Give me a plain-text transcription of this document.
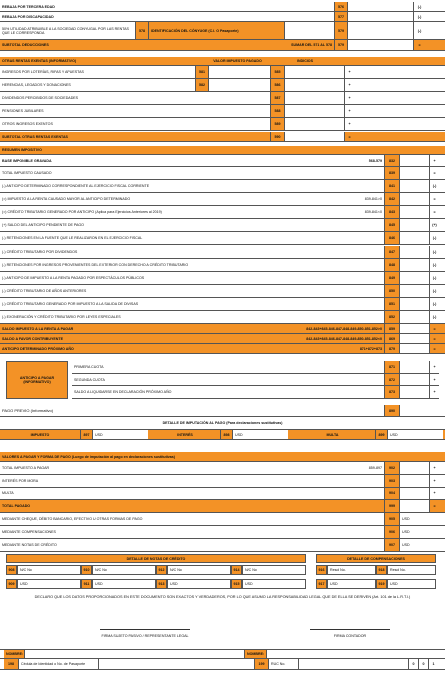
REBAJA POR TERCERA EDAD	576	(-)
REBAJA POR DISCAPACIDAD	577	(-)
50% UTILIDAD ATRIBUIBLE A LA SOCIEDAD CONYUGAL POR LAS RENTAS QUE LE CORRESPONDA	578	IDENTIFICACIÓN DEL CÓNYUGE (C.I. O Pasaporte)	579	(-)
SUBTOTAL DEDUCCIONES	SUMAR DEL 571 AL 578	579	=
OTRAS RENTAS EXENTAS (INFORMATIVO)	VALOR IMPUESTO PAGADO	INDICIOS
SUBTOTAL OTRAS RENTAS EXENTAS	590	=
RESUMEN IMPOSITIVO
BASE IMPONIBLE GRAVADA	568-579	832	+
SALDO IMPUESTO A LA RENTA A PAGAR	842-843+845-846-847-848-849-850-851-852>0	859	=
SALDO A FAVOR CONTRIBUYENTE	842-843+845-846-847-848-849-850-851-852<0	869	=
ANTICIPO DETERMINADO PRÓXIMO AÑO	871+872+873	879	=
ANTICIPO A PAGAR (INFORMATIVO)
PAGO PREVIO (Informativo)	890
DETALLE DE IMPUTACIÓN AL PAGO (Para declaraciones sustitutivas)
IMPUESTO	897	USD	INTERÉS	898	USD	MULTA	899	USD
VALORES A PAGAR Y FORMA DE PAGO (Luego de imputación al pago en declaraciones sustitutivas)
DETALLE DE NOTAS DE CRÉDITO	DETALLE DE COMPENSACIONES
908	N/C No	910	N/C No	912	N/C No	914	N/C No	916	Resol No.	918	Resol No.
909	USD	911	USD	913	USD	915	USD	917	USD	919	USD
DECLARO QUE LOS DATOS PROPORCIONADOS EN ESTE DOCUMENTO SON EXACTOS Y VERDADEROS, POR LO QUE ASUMO LA RESPONSABILIDAD LEGAL QUE DE ELLA SE DERIVEN (Art. 101 de la L.R.T.I.)
FIRMA SUJETO PASIVO / REPRESENTANTE LEGAL	FIRMA CONTADOR
NOMBRE:	NOMBRE:
198	Cédula de Identidad o No. de Pasaporte	199	RUC No.	0	0	1
INGRESOS POR LOTERÍAS, RIFAS Y APUESTAS	581	585	+
HERENCIAS, LEGADOS Y DONACIONES	582	586	+
DIVIDENDOS PERCIBIDOS DE SOCIEDADES	587	+
PENSIONES JUBILARES	588	+
OTROS INGRESOS EXENTOS	589	+
TOTAL IMPUESTO CAUSADO	839	=
(-) ANTICIPO DETERMINADO CORRESPONDIENTE AL EJERCICIO FISCAL CORRIENTE	841	(-)
(=) IMPUESTO A LA RENTA CAUSADO MAYOR AL ANTICIPO DETERMINADO	839-841>0	842	=
(=) CRÉDITO TRIBUTARIO GENERADO POR ANTICIPO (Aplica para Ejercicios Anteriores al 2019)	839-841<0	843	=
(+) SALDO DEL ANTICIPO PENDIENTE DE PAGO	845	(+)
(-) RETENCIONES EN LA FUENTE QUE LE REALIZARON EN EL EJERCICIO FISCAL	846	(-)
(-) CRÉDITO TRIBUTARIO POR DIVIDENDOS	847	(-)
(-) RETENCIONES POR INGRESOS PROVENIENTES DEL EXTERIOR CON DERECHO A CRÉDITO TRIBUTARIO	848	(-)
(-) ANTICIPO DE IMPUESTO A LA RENTA PAGADO POR ESPECTÁCULOS PÚBLICOS	849	(-)
(-) CRÉDITO TRIBUTARIO DE AÑOS ANTERIORES	850	(-)
(-) CRÉDITO TRIBUTARIO GENERADO POR IMPUESTO A LA SALIDA DE DIVISAS	851	(-)
(-) EXONERACIÓN Y CRÉDITO TRIBUTARIO POR LEYES ESPECIALES	852	(-)
PRIMERA CUOTA	871	+
SEGUNDA CUOTA	872	+
SALDO A LIQUIDARSE EN DECLARACIÓN PRÓXIMO AÑO	873	+
TOTAL IMPUESTO A PAGAR	859-897	902	+
INTERÉS POR MORA	903	+
MULTA	904	+
TOTAL PAGADO	999	=
MEDIANTE CHEQUE, DÉBITO BANCARIO, EFECTIVO U OTRAS FORMAS DE PAGO	905	USD
MEDIANTE COMPENSACIONES	906	USD
MEDIANTE NOTAS DE CRÉDITO	907	USD
